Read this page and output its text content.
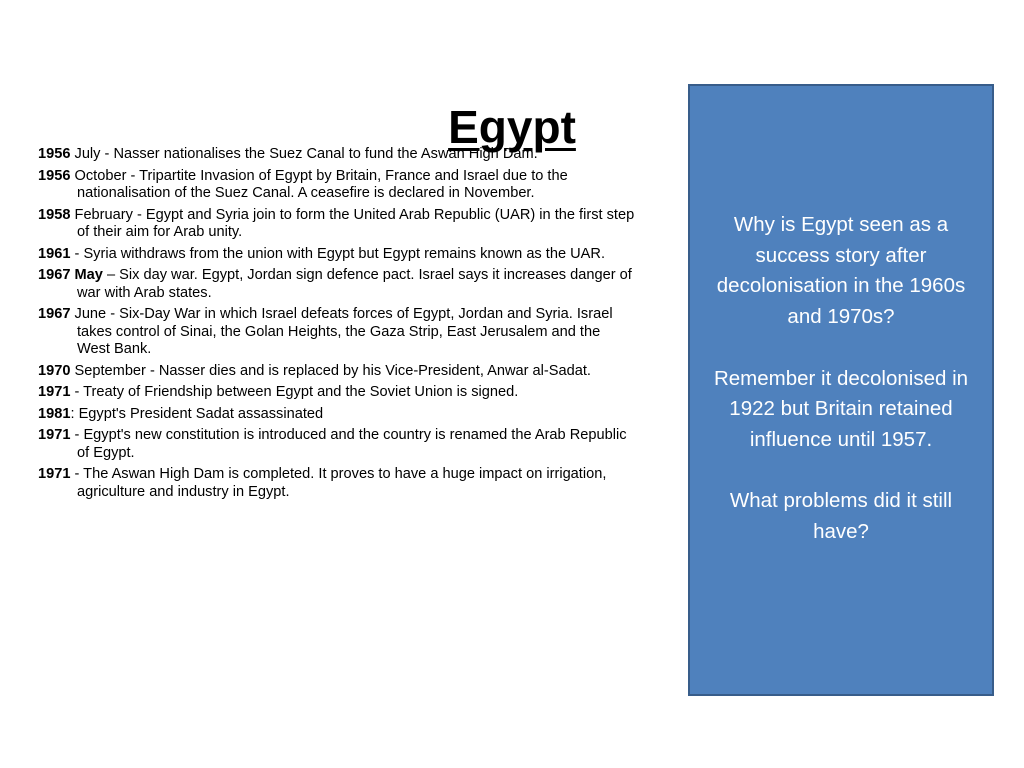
Egypt
1956 July - Nasser nationalises the Suez Canal to fund the Aswan High Dam.
1956 October - Tripartite Invasion of Egypt by Britain, France and Israel due to the nationalisation of the Suez Canal. A ceasefire is declared in November.
1958 February - Egypt and Syria join to form the United Arab Republic (UAR) in the first step of their aim for Arab unity.
1961 - Syria withdraws from the union with Egypt but Egypt remains known as the UAR.
1967 May – Six day war. Egypt, Jordan sign defence pact. Israel says it increases danger of war with Arab states.
1967 June - Six-Day War in which Israel defeats forces of Egypt, Jordan and Syria. Israel takes control of Sinai, the Golan Heights, the Gaza Strip, East Jerusalem and the West Bank.
1970 September - Nasser dies and is replaced by his Vice-President, Anwar al-Sadat.
1971 - Treaty of Friendship between Egypt and the Soviet Union is signed.
1981: Egypt's President Sadat assassinated
1971 - Egypt's new constitution is introduced and the country is renamed the Arab Republic of Egypt.
1971 - The Aswan High Dam is completed. It proves to have a huge impact on irrigation, agriculture and industry in Egypt.

Why is Egypt seen as a success story after decolonisation in the 1960s and 1970s?

Remember it decolonised in 1922 but Britain retained influence until 1957.

What problems did it still have?
